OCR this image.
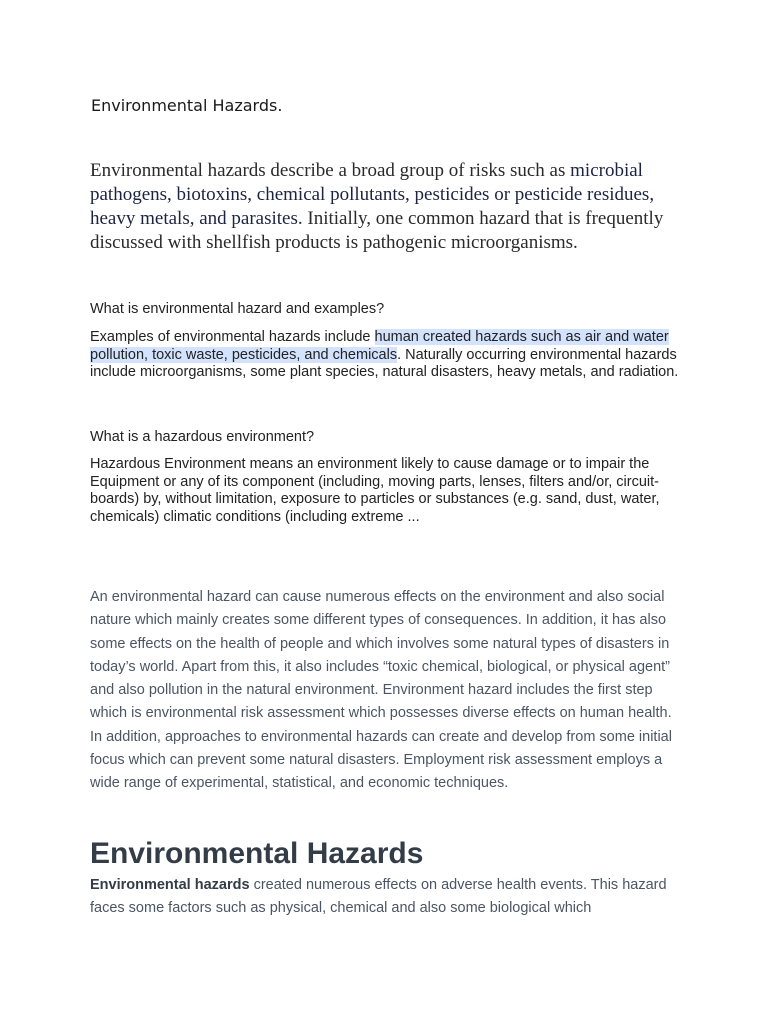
Environmental Hazards.

Environmental hazards describe a broad group of risks such as microbial pathogens, biotoxins, chemical pollutants, pesticides or pesticide residues, heavy metals, and parasites. Initially, one common hazard that is frequently discussed with shellfish products is pathogenic microorganisms.

What is environmental hazard and examples?

Examples of environmental hazards include human created hazards such as air and water pollution, toxic waste, pesticides, and chemicals. Naturally occurring environmental hazards include microorganisms, some plant species, natural disasters, heavy metals, and radiation.

What is a hazardous environment?

Hazardous Environment means an environment likely to cause damage or to impair the Equipment or any of its component (including, moving parts, lenses, filters and/or, circuit-boards) by, without limitation, exposure to particles or substances (e.g. sand, dust, water, chemicals) climatic conditions (including extreme ...

An environmental hazard can cause numerous effects on the environment and also social nature which mainly creates some different types of consequences. In addition, it has also some effects on the health of people and which involves some natural types of disasters in today’s world. Apart from this, it also includes “toxic chemical, biological, or physical agent” and also pollution in the natural environment. Environment hazard includes the first step which is environmental risk assessment which possesses diverse effects on human health. In addition, approaches to environmental hazards can create and develop from some initial focus which can prevent some natural disasters. Employment risk assessment employs a wide range of experimental, statistical, and economic techniques.

Environmental Hazards

Environmental hazards created numerous effects on adverse health events. This hazard faces some factors such as physical, chemical and also some biological which
